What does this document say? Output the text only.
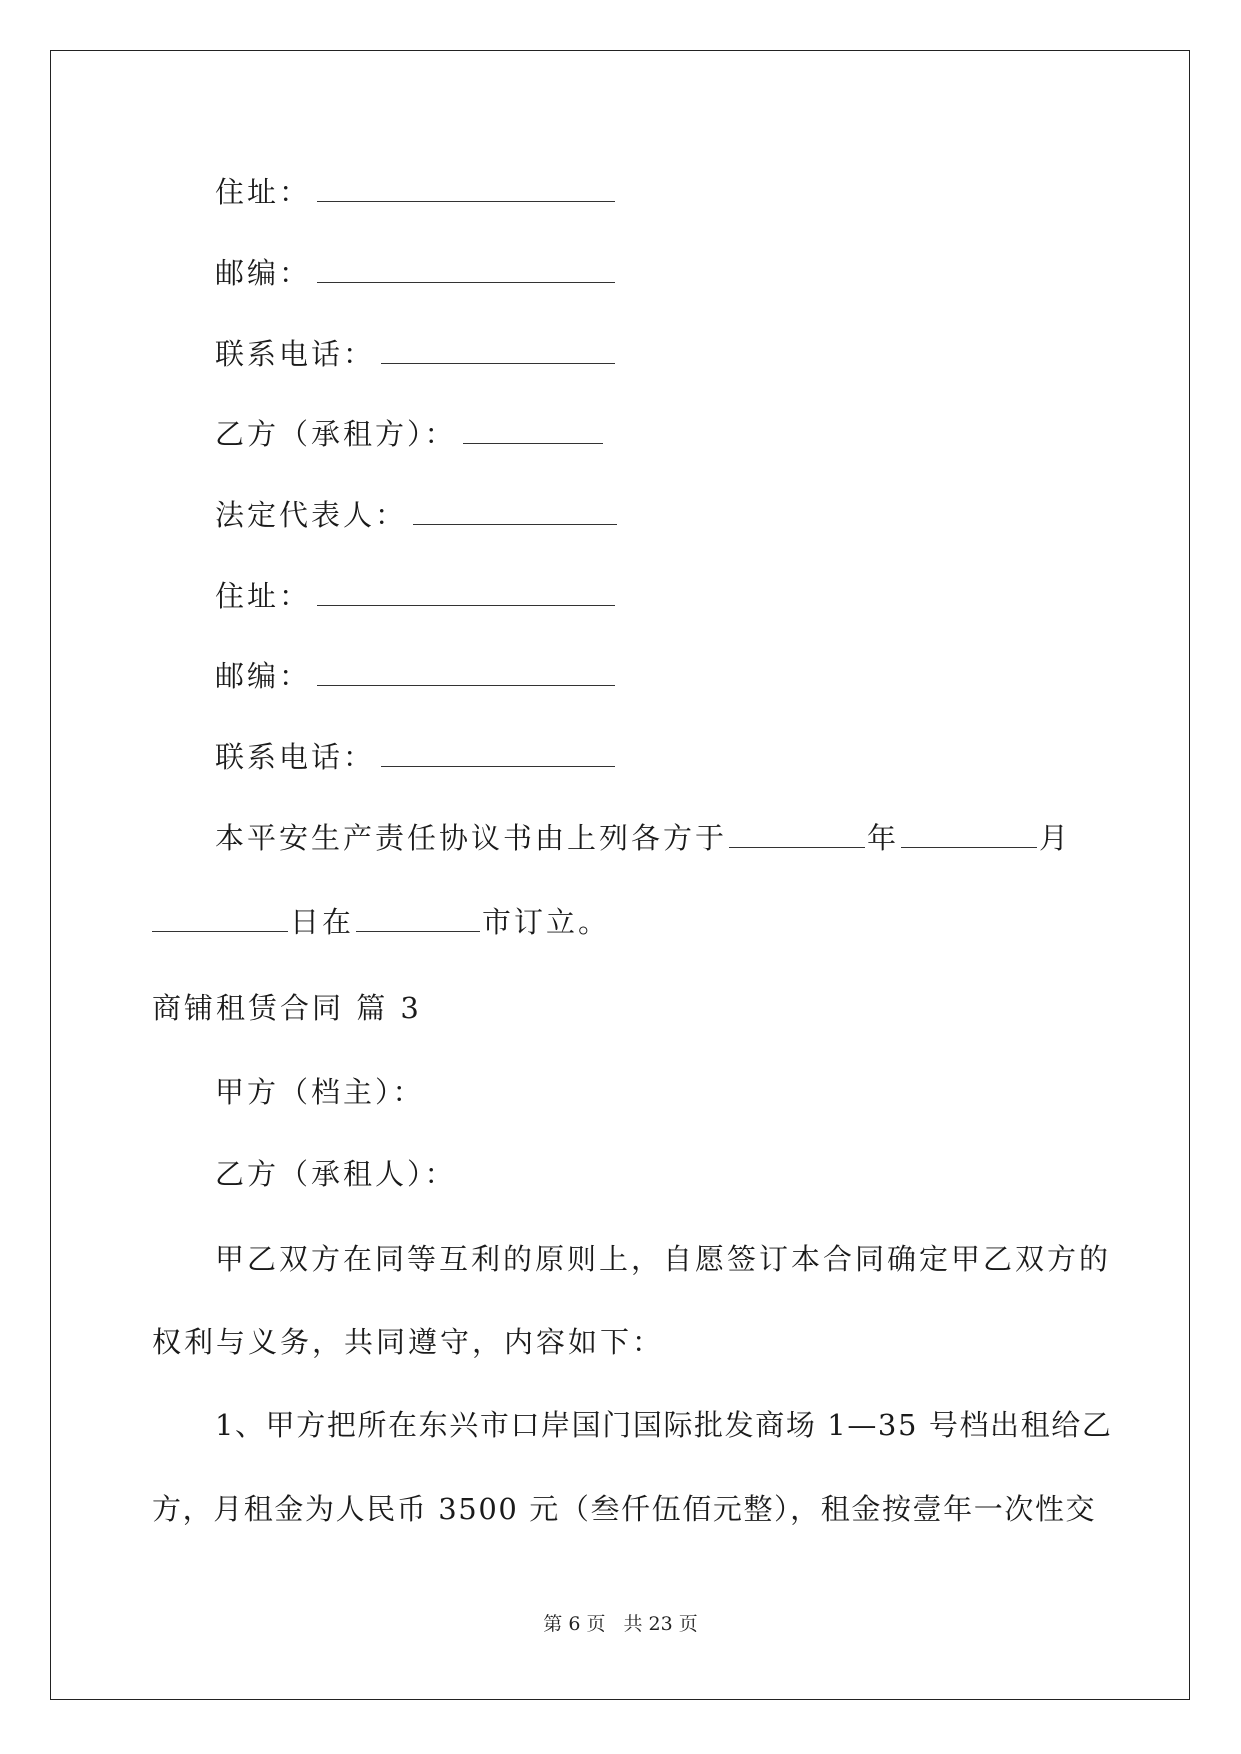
住址：
邮编：
联系电话：
乙方（承租方）：
法定代表人：
住址：
邮编：
联系电话：
本平安生产责任协议书由上列各方于	年	月
日在	市订立。
商铺租赁合同 篇 3
甲方（档主）：
乙方（承租人）：
甲乙双方在同等互利的原则上，自愿签订本合同确定甲乙双方的
权利与义务，共同遵守，内容如下：
1、甲方把所在东兴市口岸国门国际批发商场 1—35 号档出租给乙
方，月租金为人民币 3500 元（叁仟伍佰元整），租金按壹年一次性交
第 6 页 共 23 页
